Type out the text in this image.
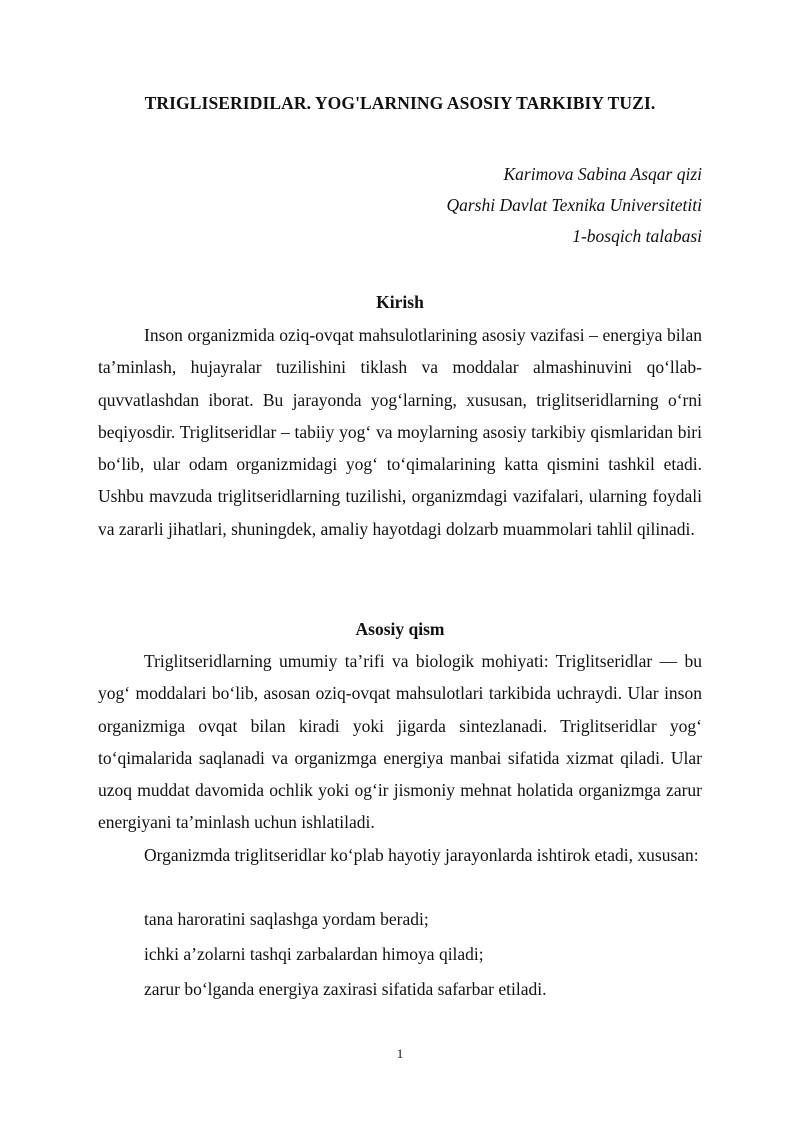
TRIGLISERIDILAR. YOG'LARNING ASOSIY TARKIBIY TUZI.
Karimova Sabina Asqar qizi
Qarshi Davlat Texnika Universitetiti
1-bosqich talabasi
Kirish

Inson organizmida oziq-ovqat mahsulotlarining asosiy vazifasi – energiya bilan ta’minlash, hujayralar tuzilishini tiklash va moddalar almashinuvini qo‘llab-quvvatlashdan iborat. Bu jarayonda yog‘larning, xususan, triglitseridlarning o‘rni beqiyosdir. Triglitseridlar – tabiiy yog‘ va moylarning asosiy tarkibiy qismlaridan biri bo‘lib, ular odam organizmidagi yog‘ to‘qimalarining katta qismini tashkil etadi. Ushbu mavzuda triglitseridlarning tuzilishi, organizmdagi vazifalari, ularning foydali va zararli jihatlari, shuningdek, amaliy hayotdagi dolzarb muammolari tahlil qilinadi.

Asosiy qism

Triglitseridlarning umumiy ta’rifi va biologik mohiyati: Triglitseridlar — bu yog‘ moddalari bo‘lib, asosan oziq-ovqat mahsulotlari tarkibida uchraydi. Ular inson organizmiga ovqat bilan kiradi yoki jigarda sintezlanadi. Triglitseridlar yog‘ to‘qimalarida saqlanadi va organizmga energiya manbai sifatida xizmat qiladi. Ular uzoq muddat davomida ochlik yoki og‘ir jismoniy mehnat holatida organizmga zarur energiyani ta’minlash uchun ishlatiladi.

Organizmda triglitseridlar ko‘plab hayotiy jarayonlarda ishtirok etadi, xususan:

tana haroratini saqlashga yordam beradi;
ichki a’zolarni tashqi zarbalardan himoya qiladi;
zarur bo‘lganda energiya zaxirasi sifatida safarbar etiladi.
1
